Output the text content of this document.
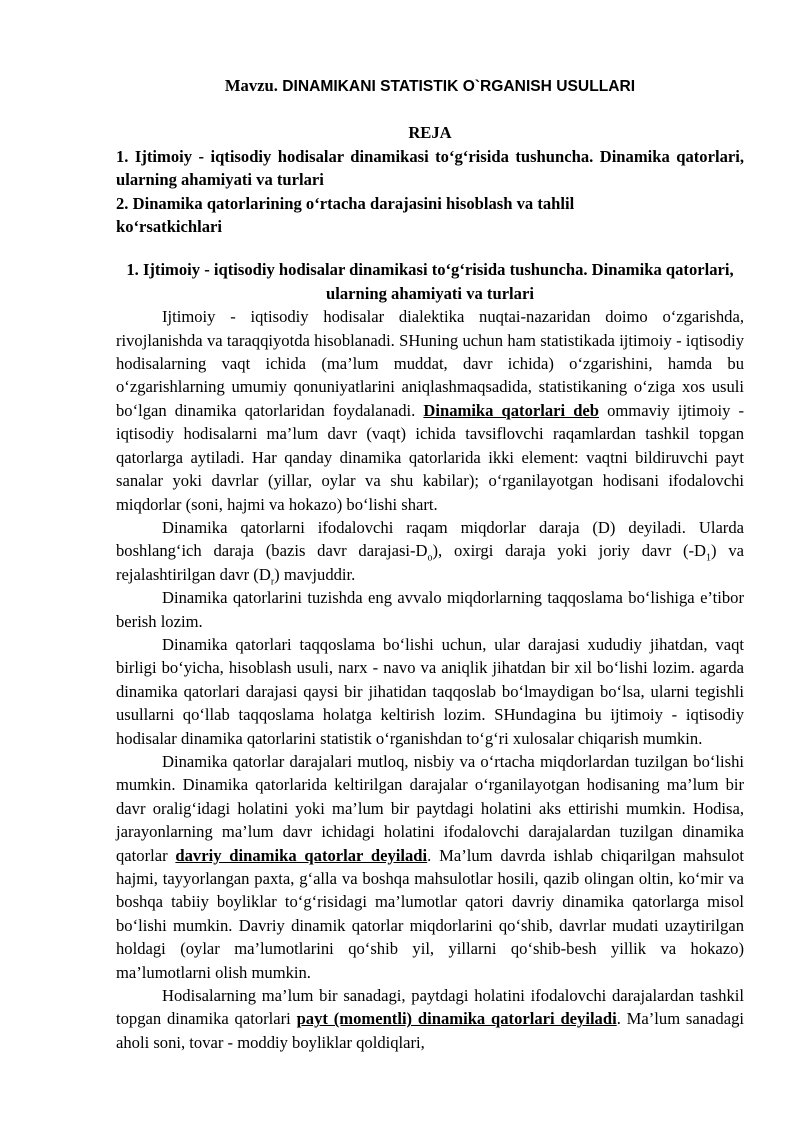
Mavzu. DINAMIKANI STATISTIK O`RGANISH USULLARI
REJA
1. Ijtimoiy - iqtisodiy hodisalar dinamikasi to‘g‘risida tushuncha. Dinamika qatorlari, ularning ahamiyati va turlari
2. Dinamika qatorlarining o‘rtacha darajasini hisoblash va tahlil ko‘rsatkichlari
1. Ijtimoiy - iqtisodiy hodisalar dinamikasi to‘g‘risida tushuncha. Dinamika qatorlari, ularning ahamiyati va turlari

Ijtimoiy - iqtisodiy hodisalar dialektika nuqtai-nazaridan doimo o‘zgarishda, rivojlanishda va taraqqiyotda hisoblanadi. SHuning uchun ham statistikada ijtimoiy - iqtisodiy hodisalarning vaqt ichida (ma’lum muddat, davr ichida) o‘zgarishini, hamda bu o‘zgarishlarning umumiy qonuniyatlarini aniqlashmaqsadida, statistikaning o‘ziga xos usuli bo‘lgan dinamika qatorlaridan foydalanadi. Dinamika qatorlari deb ommaviy ijtimoiy - iqtisodiy hodisalarni ma’lum davr (vaqt) ichida tavsiflovchi raqamlardan tashkil topgan qatorlarga aytiladi. Har qanday dinamika qatorlarida ikki element: vaqtni bildiruvchi payt sanalar yoki davrlar (yillar, oylar va shu kabilar); o‘rganilayotgan hodisani ifodalovchi miqdorlar (soni, hajmi va hokazo) bo‘lishi shart.

Dinamika qatorlarni ifodalovchi raqam miqdorlar daraja (D) deyiladi. Ularda boshlang‘ich daraja (bazis davr darajasi-$D_o$), oxirgi daraja yoki joriy davr $(-D_1)$ va rejalashtirilgan davr $(D_r)$ mavjuddir.

Dinamika qatorlarini tuzishda eng avvalo miqdorlarning taqqoslama bo‘lishiga e’tibor berish lozim.

Dinamika qatorlari taqqoslama bo‘lishi uchun, ular darajasi xududiy jihatdan, vaqt birligi bo‘yicha, hisoblash usuli, narx - navo va aniqlik jihatdan bir xil bo‘lishi lozim. agarda dinamika qatorlari darajasi qaysi bir jihatidan taqqoslab bo‘lmaydigan bo‘lsa, ularni tegishli usullarni qo‘llab taqqoslama holatga keltirish lozim. SHundagina bu ijtimoiy - iqtisodiy hodisalar dinamika qatorlarini statistik o‘rganishdan to‘g‘ri xulosalar chiqarish mumkin.

Dinamika qatorlar darajalari mutloq, nisbiy va o‘rtacha miqdorlardan tuzilgan bo‘lishi mumkin. Dinamika qatorlarida keltirilgan darajalar o‘rganilayotgan hodisaning ma’lum bir davr oralig‘idagi holatini yoki ma’lum bir paytdagi holatini aks ettirishi mumkin. Hodisa, jarayonlarning ma’lum davr ichidagi holatini ifodalovchi darajalardan tuzilgan dinamika qatorlar davriy dinamika qatorlar deyiladi. Ma’lum davrda ishlab chiqarilgan mahsulot hajmi, tayyorlangan paxta, g‘alla va boshqa mahsulotlar hosili, qazib olingan oltin, ko‘mir va boshqa tabiiy boyliklar to‘g‘risidagi ma’lumotlar qatori davriy dinamika qatorlarga misol bo‘lishi mumkin. Davriy dinamik qatorlar miqdorlarini qo‘shib, davrlar mudati uzaytirilgan holdagi (oylar ma’lumotlarini qo‘shib yil, yillarni qo‘shib-besh yillik va hokazo) ma’lumotlarni olish mumkin.

Hodisalarning ma’lum bir sanadagi, paytdagi holatini ifodalovchi darajalardan tashkil topgan dinamika qatorlari payt (momentli) dinamika qatorlari deyiladi. Ma’lum sanadagi aholi soni, tovar - moddiy boyliklar qoldiqlari,
